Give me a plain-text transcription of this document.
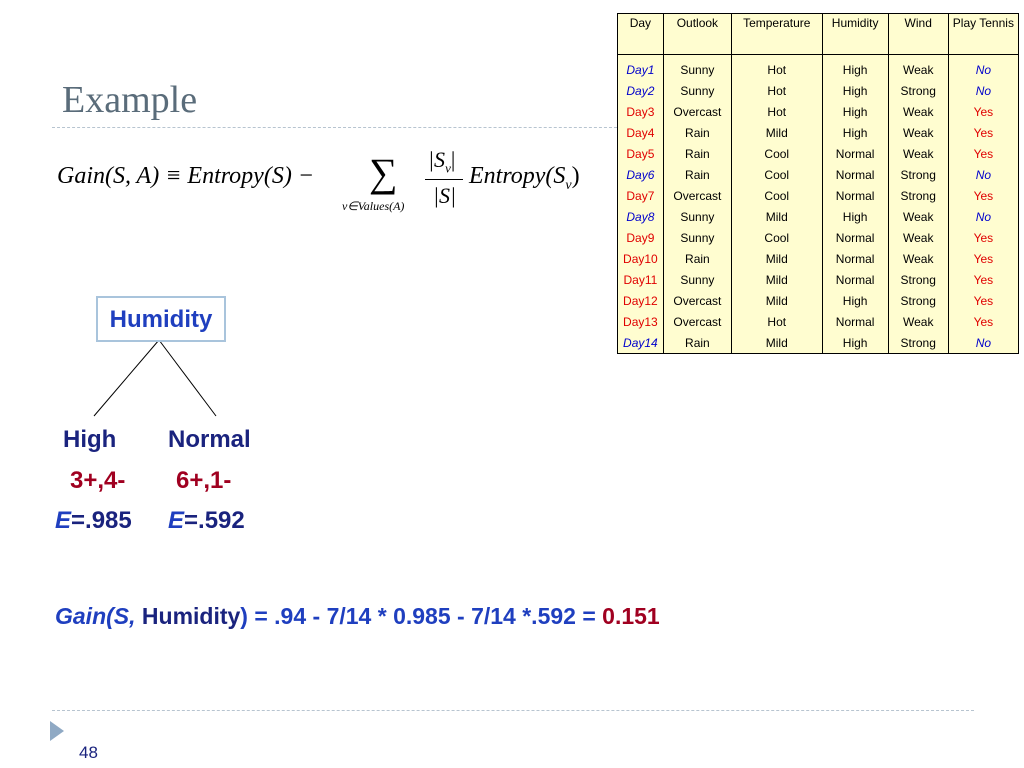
Example
Gain(S, A) ≡ Entropy(S) − ∑
v∈Values(A)
$|S_v|$
|S|
$Entropy(S_v)$
Day	Outlook	Temperature	Humidity	Wind	Play Tennis
Day1	Sunny	Hot	High	Weak	No
Day2	Sunny	Hot	High	Strong	No
Day3	Overcast	Hot	High	Weak	Yes
Day4	Rain	Mild	High	Weak	Yes
Day5	Rain	Cool	Normal	Weak	Yes
Day6	Rain	Cool	Normal	Strong	No
Day7	Overcast	Cool	Normal	Strong	Yes
Day8	Sunny	Mild	High	Weak	No
Day9	Sunny	Cool	Normal	Weak	Yes
Day10	Rain	Mild	Normal	Weak	Yes
Day11	Sunny	Mild	Normal	Strong	Yes
Day12	Overcast	Mild	High	Strong	Yes
Day13	Overcast	Hot	Normal	Weak	Yes
Day14	Rain	Mild	High	Strong	No
Humidity
High Normal
3+,4- 6+,1-
E=.985 E=.592
Gain(S, Humidity) = .94 - 7/14 * 0.985 - 7/14 *.592 = 0.151
48
